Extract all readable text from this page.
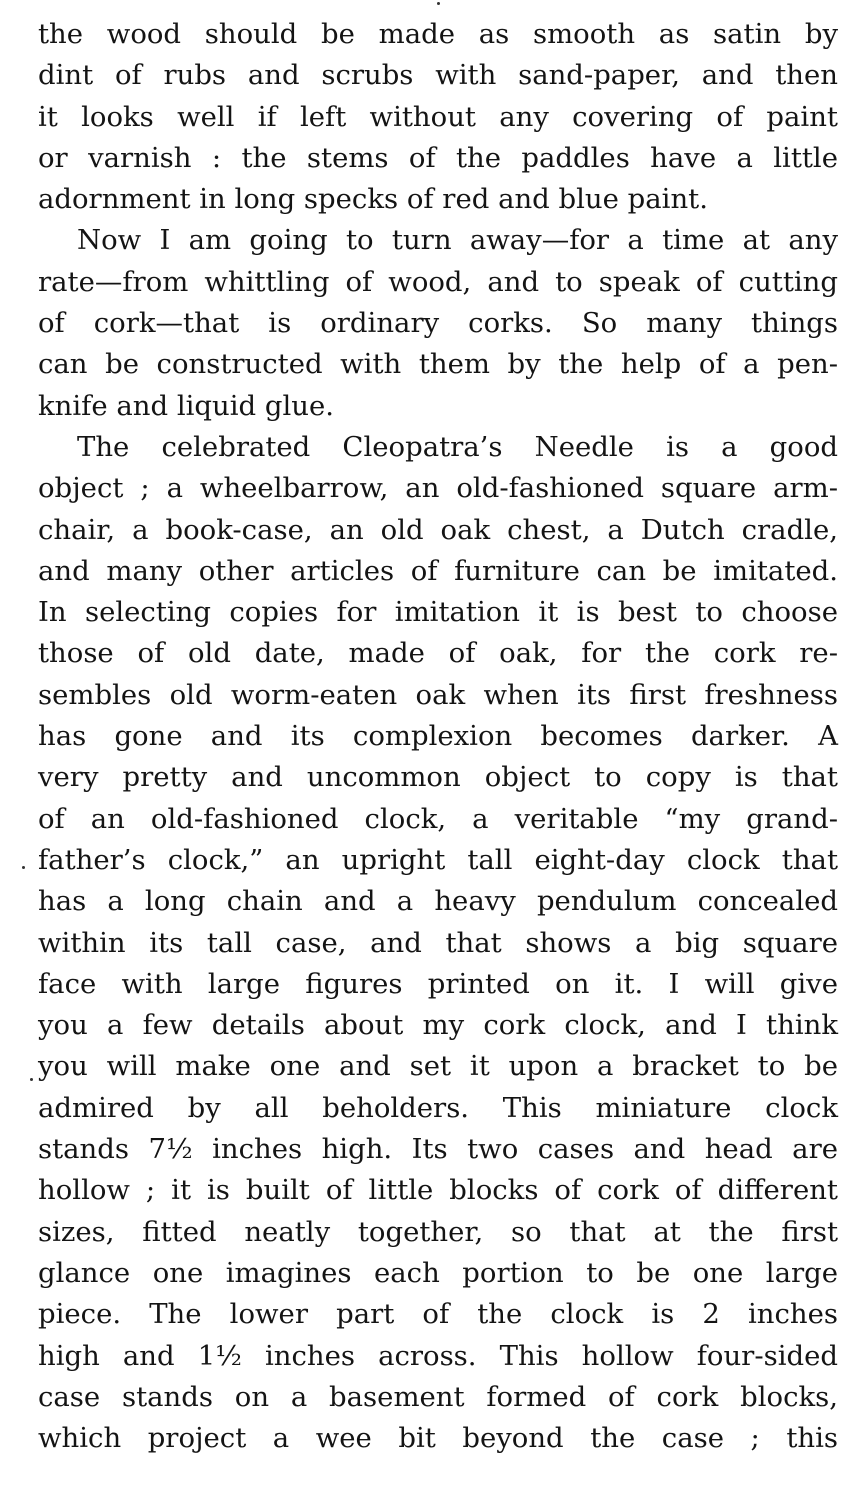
the wood should be made as smooth as satin by
dint of rubs and scrubs with sand-paper, and then
it looks well if left without any covering of paint
or varnish : the stems of the paddles have a little
adornment in long specks of red and blue paint.
Now I am going to turn away—for a time at any
rate—from whittling of wood, and to speak of cutting
of cork—that is ordinary corks. So many things
can be constructed with them by the help of a pen-
knife and liquid glue.
The celebrated Cleopatra’s Needle is a good
object ; a wheelbarrow, an old-fashioned square arm-
chair, a book-case, an old oak chest, a Dutch cradle,
and many other articles of furniture can be imitated.
In selecting copies for imitation it is best to choose
those of old date, made of oak, for the cork re-
sembles old worm-eaten oak when its first freshness
has gone and its complexion becomes darker. A
very pretty and uncommon object to copy is that
of an old-fashioned clock, a veritable “my grand-
father’s clock,” an upright tall eight-day clock that
has a long chain and a heavy pendulum concealed
within its tall case, and that shows a big square
face with large figures printed on it. I will give
you a few details about my cork clock, and I think
you will make one and set it upon a bracket to be
admired by all beholders. This miniature clock
stands 7½ inches high. Its two cases and head are
hollow ; it is built of little blocks of cork of different
sizes, fitted neatly together, so that at the first
glance one imagines each portion to be one large
piece. The lower part of the clock is 2 inches
high and 1½ inches across. This hollow four-sided
case stands on a basement formed of cork blocks,
which project a wee bit beyond the case ; this
